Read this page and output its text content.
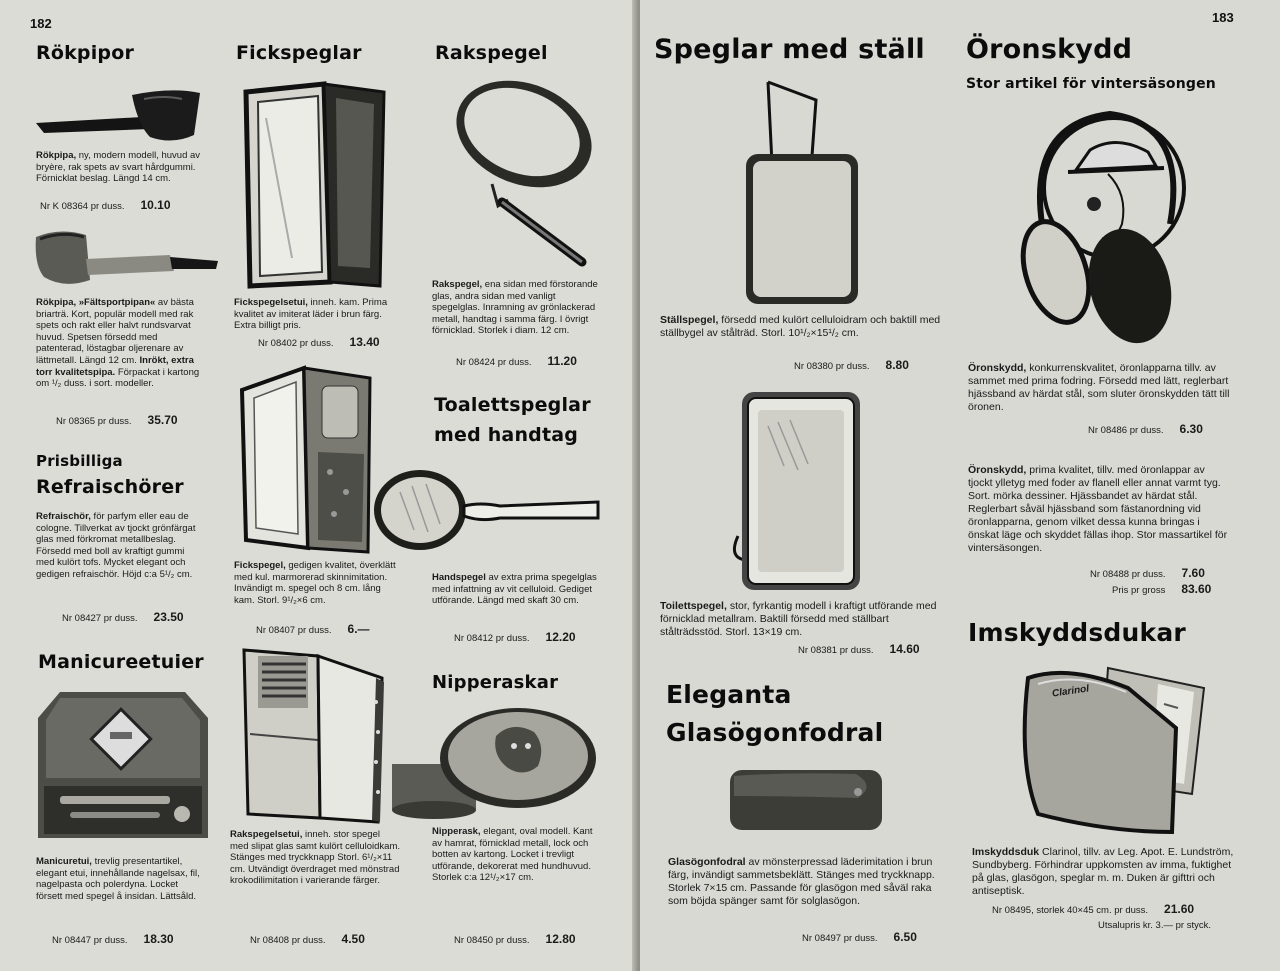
182
Rökpipor
Rökpipa, ny, modern modell, huvud av bryère, rak spets av svart hårdgummi. Förnicklat beslag. Längd 14 cm.
Nr K 08364 pr duss. 10.10
Rökpipa, »Fältsportpipan« av bästa briarträ. Kort, populär modell med rak spets och rakt eller halvt rundsvarvat huvud. Spetsen försedd med patenterad, löstagbar oljerenare av lättmetall. Längd 12 cm. Inrökt, extra torr kvalitetspipa. Förpackat i kartong om ¹/₂ duss. i sort. modeller.
Nr 08365 pr duss. 35.70
Prisbilliga
Refraischörer
Refraischör, för parfym eller eau de cologne. Tillverkat av tjockt grönfärgat glas med förkromat metallbeslag. Försedd med boll av kraftigt gummi med kulört tofs. Mycket elegant och gedigen refraischör. Höjd c:a 5¹/₂ cm.
Nr 08427 pr duss. 23.50
Manicureetuier
Manicuretui, trevlig presentartikel, elegant etui, innehållande nagelsax, fil, nagelpasta och polerdyna. Locket försett med spegel å insidan. Lättsåld.
Nr 08447 pr duss. 18.30
Fickspeglar
Fickspegelsetui, inneh. kam. Prima kvalitet av imiterat läder i brun färg. Extra billigt pris.
Nr 08402 pr duss. 13.40
Fickspegel, gedigen kvalitet, överklätt med kul. marmorerad skinnimitation. Invändigt m. spegel och 8 cm. lång kam. Storl. 9¹/₂×6 cm.
Nr 08407 pr duss. 6.—
Rakspegelsetui, inneh. stor spegel med slipat glas samt kulört celluloidkam. Stänges med tryckknapp Storl. 6¹/₂×11 cm. Utvändigt överdraget med mönstrad krokodilimitation i varierande färger.
Nr 08408 pr duss. 4.50
Rakspegel
Rakspegel, ena sidan med förstorande glas, andra sidan med vanligt spegelglas. Inramning av grönlackerad metall, handtag i samma färg. I övrigt förnicklad. Storlek i diam. 12 cm.
Nr 08424 pr duss. 11.20
Toalettspeglar
med handtag
Handspegel av extra prima spegelglas med infattning av vit celluloid. Gediget utförande. Längd med skaft 30 cm.
Nr 08412 pr duss. 12.20
Nipperaskar
Nipperask, elegant, oval modell. Kant av hamrat, förnicklad metall, lock och botten av kartong. Locket i trevligt utförande, dekorerat med hundhuvud. Storlek c:a 12¹/₂×17 cm.
Nr 08450 pr duss. 12.80
183
Speglar med ställ
Ställspegel, försedd med kulört celluloidram och baktill med ställbygel av stålträd. Storl. 10¹/₂×15¹/₂ cm.
Nr 08380 pr duss. 8.80
Toilettspegel, stor, fyrkantig modell i kraftigt utförande med förnicklad metallram. Baktill försedd med ställbart stålträdsstöd. Storl. 13×19 cm.
Nr 08381 pr duss. 14.60
Eleganta
Glasögonfodral
Glasögonfodral av mönsterpressad läderimitation i brun färg, invändigt sammetsbeklätt. Stänges med tryckknapp. Storlek 7×15 cm. Passande för glasögon med såväl raka som böjda spänger samt för solglasögon.
Nr 08497 pr duss. 6.50
Öronskydd
Stor artikel för vintersäsongen
Öronskydd, konkurrenskvalitet, öronlapparna tillv. av sammet med prima fodring. Försedd med lätt, reglerbart hjässband av härdat stål, som sluter öronskydden tätt till öronen.
Nr 08486 pr duss. 6.30
Öronskydd, prima kvalitet, tillv. med öronlappar av tjockt ylletyg med foder av flanell eller annat varmt tyg. Sort. mörka dessiner. Hjässbandet av härdat stål. Reglerbart såväl hjässband som fästanordning vid öronlapparna, genom vilket dessa kunna bringas i önskat läge och skyddet fällas ihop. Stor massartikel för vintersäsongen.
Nr 08488 pr duss. 7.60
Pris pr gross 83.60
Imskyddsdukar
Clarinol
Imskyddsduk Clarinol, tillv. av Leg. Apot. E. Lundström, Sundbyberg. Förhindrar uppkomsten av imma, fuktighet på glas, glasögon, speglar m. m. Duken är gifttri och antiseptisk.
Nr 08495, storlek 40×45 cm. pr duss. 21.60
Utsalupris kr. 3.— pr styck.
